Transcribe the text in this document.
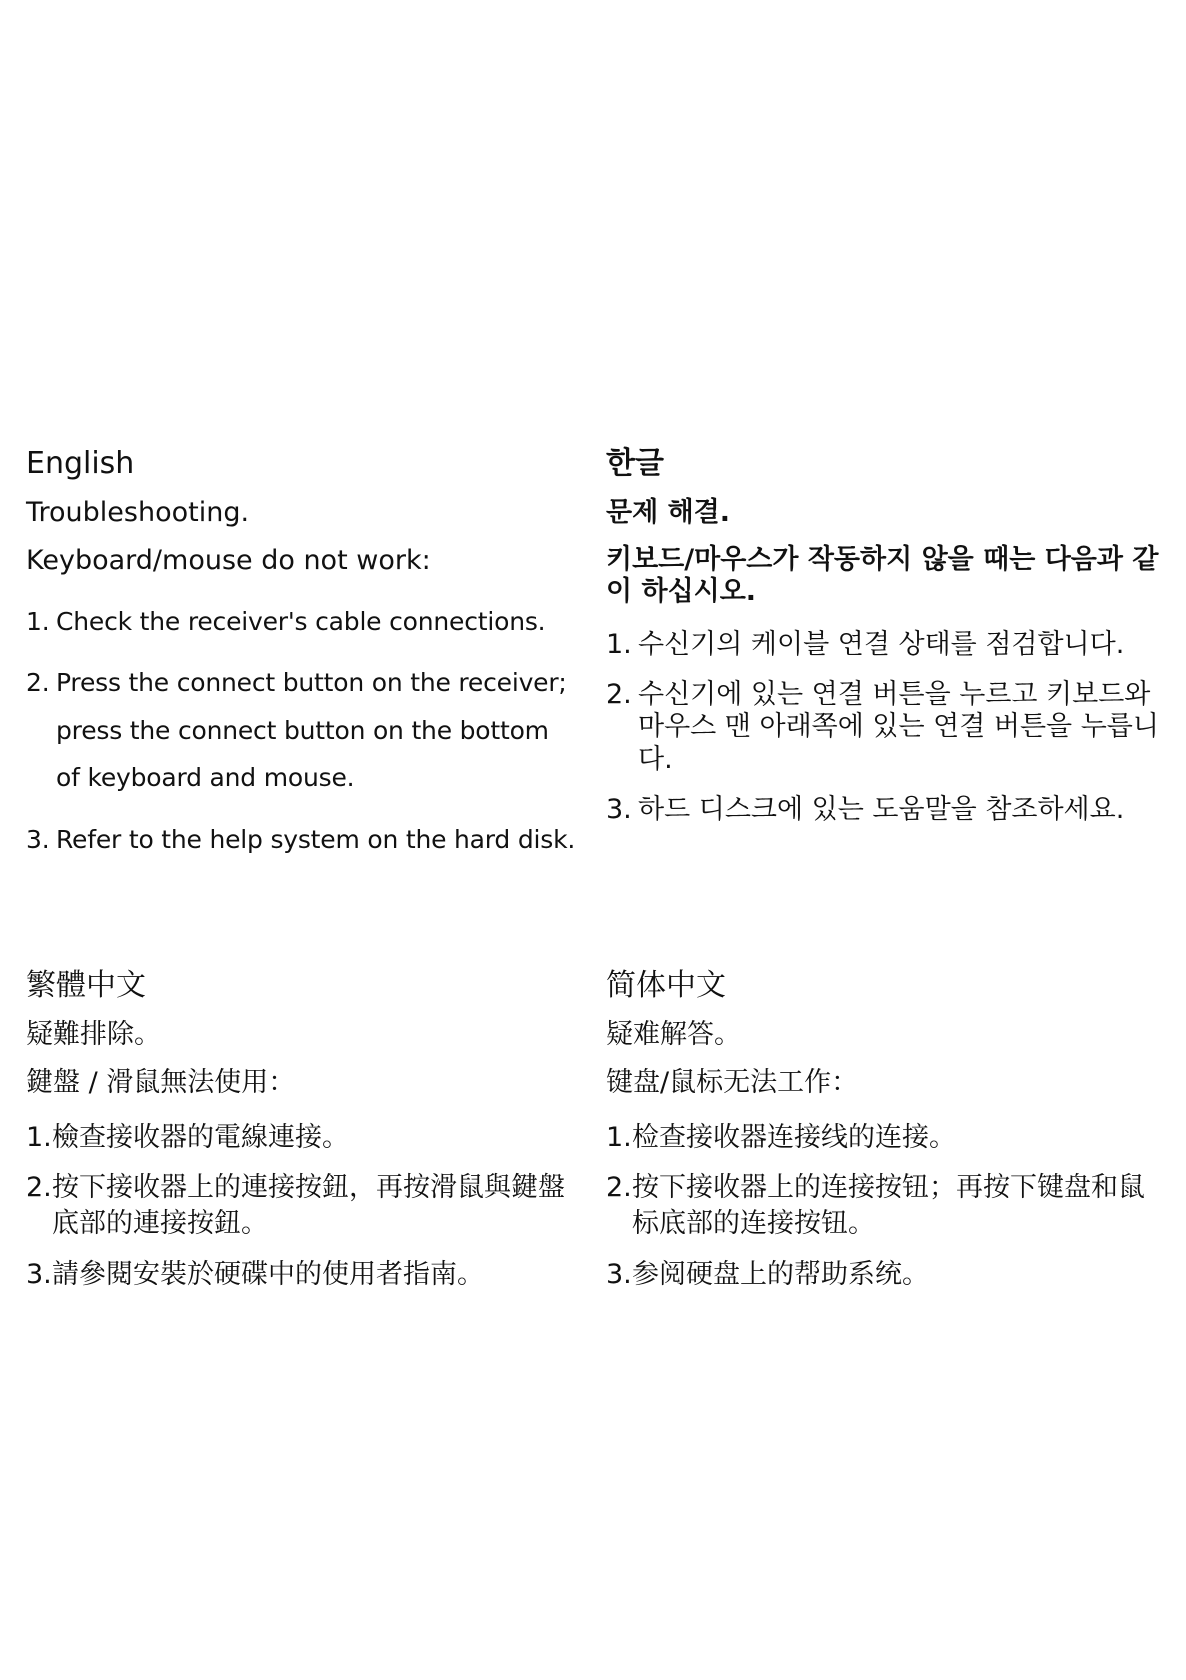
English
Troubleshooting.
Keyboard/mouse do not work:
1. Check the receiver's cable connections.
2. Press the connect button on the receiver; press the connect button on the bottom of keyboard and mouse.
3. Refer to the help system on the hard disk.
한글
문제 해결.
키보드/마우스가 작동하지 않을 때는 다음과 같이 하십시오.
1. 수신기의 케이블 연결 상태를 점검합니다.
2. 수신기에 있는 연결 버튼을 누르고 키보드와 마우스 맨 아래쪽에 있는 연결 버튼을 누릅니다.
3. 하드 디스크에 있는 도움말을 참조하세요.
繁體中文
疑難排除。
鍵盤 / 滑鼠無法使用：
1. 檢查接收器的電線連接。
2. 按下接收器上的連接按鈕，再按滑鼠與鍵盤底部的連接按鈕。
3. 請參閱安裝於硬碟中的使用者指南。
简体中文
疑难解答。
键盘/鼠标无法工作：
1. 检查接收器连接线的连接。
2. 按下接收器上的连接按钮；再按下键盘和鼠标底部的连接按钮。
3. 参阅硬盘上的帮助系统。
